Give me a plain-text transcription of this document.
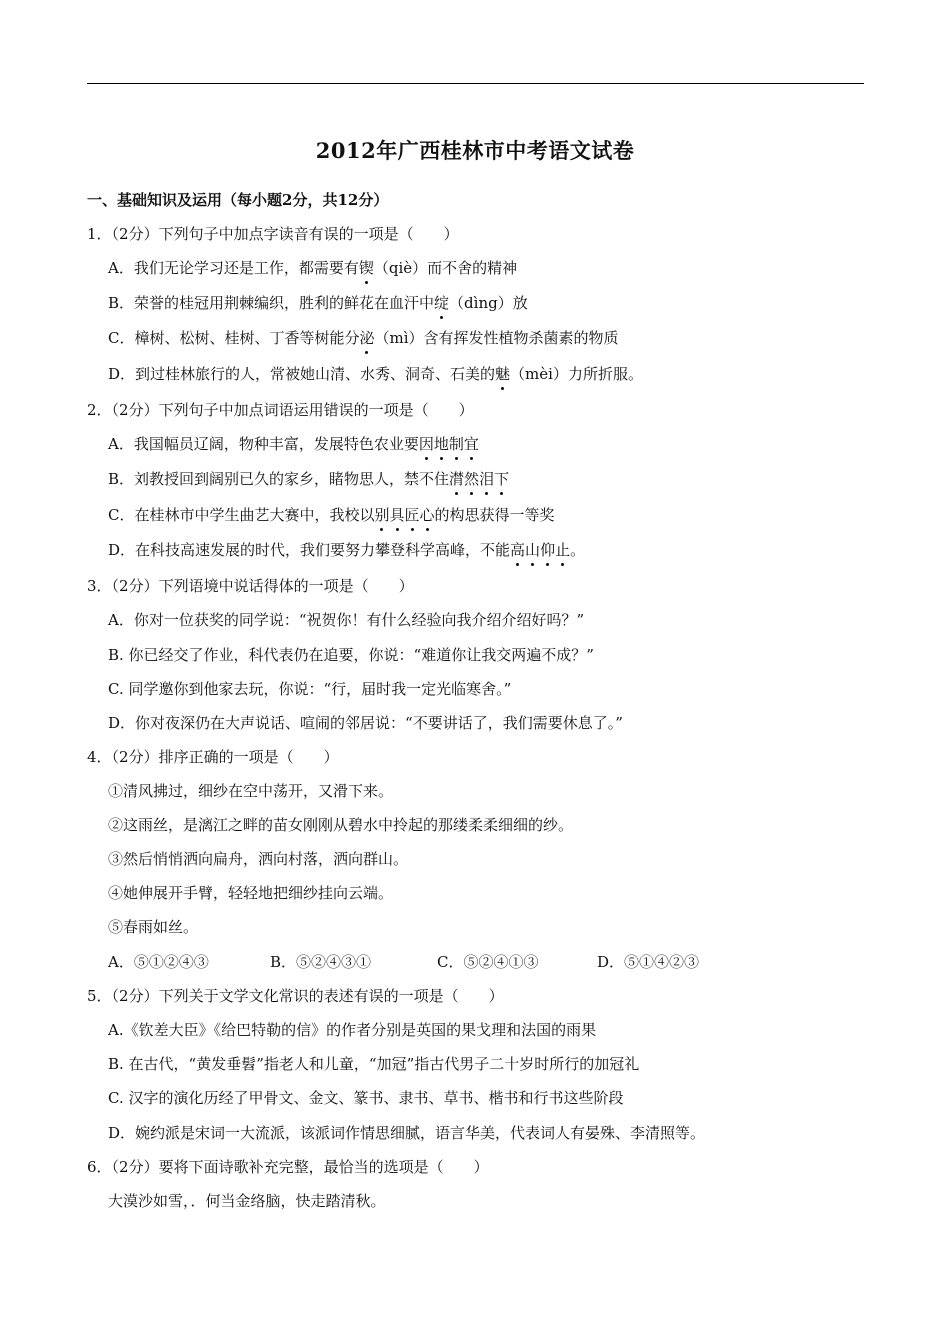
2012年广西桂林市中考语文试卷
一、基础知识及运用（每小题2分，共12分）
1．（2分）下列句子中加点字读音有误的一项是（　　）
A．我们无论学习还是工作，都需要有锲（qiè）而不舍的精神
B．荣誉的桂冠用荆棘编织，胜利的鲜花在血汗中绽（dìng）放
C．樟树、松树、桂树、丁香等树能分泌（mì）含有挥发性植物杀菌素的物质
D．到过桂林旅行的人，常被她山清、水秀、洞奇、石美的魅（mèi）力所折服。
2．（2分）下列句子中加点词语运用错误的一项是（　　）
A．我国幅员辽阔，物种丰富，发展特色农业要因地制宜
B．刘教授回到阔别已久的家乡，睹物思人，禁不住潸然泪下
C．在桂林市中学生曲艺大赛中，我校以别具匠心的构思获得一等奖
D．在科技高速发展的时代，我们要努力攀登科学高峰，不能高山仰止。
3．（2分）下列语境中说话得体的一项是（　　）
A．你对一位获奖的同学说：“祝贺你！有什么经验向我介绍介绍好吗？”
B. 你已经交了作业，科代表仍在追要，你说：“难道你让我交两遍不成？”
C. 同学邀你到他家去玩，你说：“行，届时我一定光临寒舍。”
D．你对夜深仍在大声说话、喧闹的邻居说：“不要讲话了，我们需要休息了。”
4．（2分）排序正确的一项是（　　）
①清风拂过，细纱在空中荡开，又滑下来。
②这雨丝，是漓江之畔的苗女刚刚从碧水中拎起的那缕柔柔细细的纱。
③然后悄悄洒向扁舟，洒向村落，洒向群山。
④她伸展开手臂，轻轻地把细纱挂向云端。
⑤春雨如丝。
A．⑤①②④③	B．⑤②④③①	C．⑤②④①③	D．⑤①④②③
5．（2分）下列关于文学文化常识的表述有误的一项是（　　）
A.《钦差大臣》《给巴特勒的信》的作者分别是英国的果戈理和法国的雨果
B. 在古代，“黄发垂髫”指老人和儿童，“加冠”指古代男子二十岁时所行的加冠礼
C. 汉字的演化历经了甲骨文、金文、篆书、隶书、草书、楷书和行书这些阶段
D．婉约派是宋词一大流派，该派词作情思细腻，语言华美，代表词人有晏殊、李清照等。
6．（2分）要将下面诗歌补充完整，最恰当的选项是（　　）
大漠沙如雪，．何当金络脑，快走踏清秋。
